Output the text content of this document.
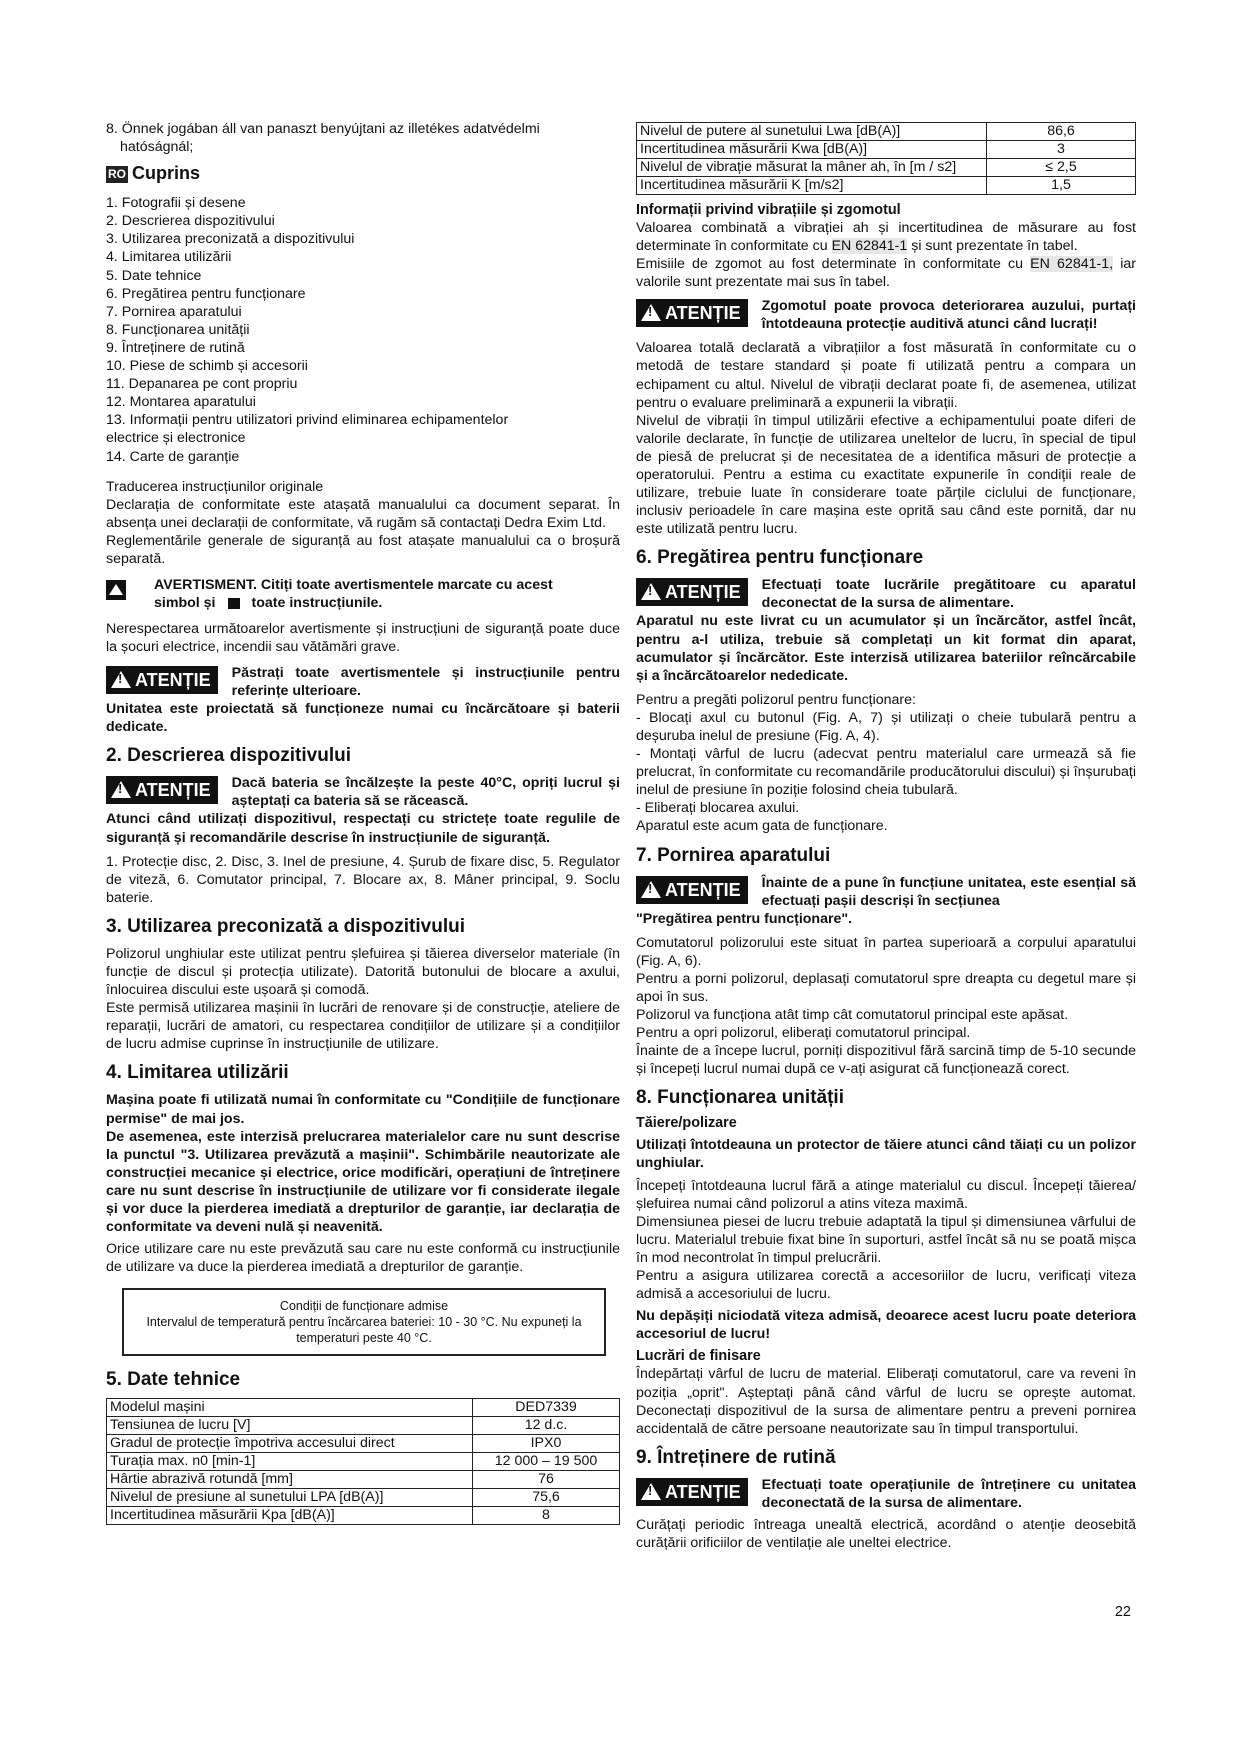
8. Önnek jogában áll van panaszt benyújtani az illetékes adatvédelmi

hatóságnál;

RO Cuprins

1. Fotografii și desene

2. Descrierea dispozitivului

3. Utilizarea preconizată a dispozitivului

4. Limitarea utilizării

5. Date tehnice

6. Pregătirea pentru funcționare

7. Pornirea aparatului

8. Funcționarea unității

9. Întreținere de rutină

10. Piese de schimb și accesorii

11. Depanarea pe cont propriu

12. Montarea aparatului

13. Informații pentru utilizatori privind eliminarea echipamentelor

electrice și electronice

14. Carte de garanție

Traducerea instrucțiunilor originale

Declarația de conformitate este atașată manualului ca document separat. În absența unei declarații de conformitate, vă rugăm să contactați Dedra Exim Ltd.

Reglementările generale de siguranță au fost atașate manualului ca o broșură separată.

AVERTISMENT. Citiți toate avertismentele marcate cu acest
simbol și	toate instrucțiunile.

Nerespectarea următoarelor avertismente și instrucțiuni de siguranță poate duce la șocuri electrice, incendii sau vătămări grave.

!ATENȚIE	Păstrați toate avertismentele și instrucțiunile pentru referințe ulterioare.

Unitatea este proiectată să funcționeze numai cu încărcătoare și baterii dedicate.

2. Descrierea dispozitivului
!ATENȚIE	Dacă bateria se încălzește la peste 40°C, opriți lucrul și așteptați ca bateria să se răcească.

Atunci când utilizați dispozitivul, respectați cu strictețe toate regulile de siguranță și recomandările descrise în instrucțiunile de siguranță.

1. Protecție disc, 2. Disc, 3. Inel de presiune, 4. Șurub de fixare disc, 5. Regulator de viteză, 6. Comutator principal, 7. Blocare ax, 8. Mâner principal, 9. Soclu baterie.

3. Utilizarea preconizată a dispozitivului

Polizorul unghiular este utilizat pentru șlefuirea și tăierea diverselor materiale (în funcție de discul și protecția utilizate). Datorită butonului de blocare a axului, înlocuirea discului este ușoară și comodă.

Este permisă utilizarea mașinii în lucrări de renovare și de construcție, ateliere de reparații, lucrări de amatori, cu respectarea condițiilor de utilizare și a condițiilor de lucru admise cuprinse în instrucțiunile de utilizare.

4. Limitarea utilizării

Mașina poate fi utilizată numai în conformitate cu "Condițiile de funcționare permise" de mai jos.

De asemenea, este interzisă prelucrarea materialelor care nu sunt descrise la punctul "3. Utilizarea prevăzută a mașinii". Schimbările neautorizate ale construcției mecanice și electrice, orice modificări, operațiuni de întreținere care nu sunt descrise în instrucțiunile de utilizare vor fi considerate ilegale și vor duce la pierderea imediată a drepturilor de garanție, iar declarația de conformitate va deveni nulă și neavenită.

Orice utilizare care nu este prevăzută sau care nu este conformă cu instrucțiunile de utilizare va duce la pierderea imediată a drepturilor de garanție.

Condiții de funcționare admise
Intervalul de temperatură pentru încărcarea bateriei: 10 - 30 °C. Nu expuneți la temperaturi peste 40 °C.
5. Date tehnice
Modelul mașini	DED7339
Tensiunea de lucru [V]	12 d.c.
Gradul de protecție împotriva accesului direct	IPX0
Turația max. n0 [min-1]	12 000 – 19 500
Hârtie abrazivă rotundă [mm]	76
Nivelul de presiune al sunetului LPA [dB(A)]	75,6
Incertitudinea măsurării Kpa [dB(A)]	8
Nivelul de putere al sunetului Lwa [dB(A)]	86,6
Incertitudinea măsurării Kwa [dB(A)]	3
Nivelul de vibrație măsurat la mâner ah, în [m / s2]	≤ 2,5
Incertitudinea măsurării K [m/s2]	1,5
Informații privind vibrațiile și zgomotul

Valoarea combinată a vibrației ah și incertitudinea de măsurare au fost determinate în conformitate cu EN 62841-1 și sunt prezentate în tabel.

Emisiile de zgomot au fost determinate în conformitate cu EN 62841-1, iar valorile sunt prezentate mai sus în tabel.

!ATENȚIE	Zgomotul poate provoca deteriorarea auzului, purtați întotdeauna protecție auditivă atunci când lucrați!

Valoarea totală declarată a vibrațiilor a fost măsurată în conformitate cu o metodă de testare standard și poate fi utilizată pentru a compara un echipament cu altul. Nivelul de vibrații declarat poate fi, de asemenea, utilizat pentru o evaluare preliminară a expunerii la vibrații.

Nivelul de vibrații în timpul utilizării efective a echipamentului poate diferi de valorile declarate, în funcție de utilizarea uneltelor de lucru, în special de tipul de piesă de prelucrat și de necesitatea de a identifica măsuri de protecție a operatorului. Pentru a estima cu exactitate expunerile în condiții reale de utilizare, trebuie luate în considerare toate părțile ciclului de funcționare, inclusiv perioadele în care mașina este oprită sau când este pornită, dar nu este utilizată pentru lucru.

6. Pregătirea pentru funcționare
!ATENȚIE	Efectuați toate lucrările pregătitoare cu aparatul deconectat de la sursa de alimentare.

Aparatul nu este livrat cu un acumulator și un încărcător, astfel încât, pentru a-l utiliza, trebuie să completați un kit format din aparat, acumulator și încărcător. Este interzisă utilizarea bateriilor reîncărcabile și a încărcătoarelor nededicate.

Pentru a pregăti polizorul pentru funcționare:

- Blocați axul cu butonul (Fig. A, 7) și utilizați o cheie tubulară pentru a deșuruba inelul de presiune (Fig. A, 4).

- Montați vârful de lucru (adecvat pentru materialul care urmează să fie prelucrat, în conformitate cu recomandările producătorului discului) și înșurubați inelul de presiune în poziție folosind cheia tubulară.

- Eliberați blocarea axului.

Aparatul este acum gata de funcționare.

7. Pornirea aparatului
!ATENȚIE	Înainte de a pune în funcțiune unitatea, este esențial să efectuați pașii descriși în secțiunea

"Pregătirea pentru funcționare".

Comutatorul polizorului este situat în partea superioară a corpului aparatului (Fig. A, 6).

Pentru a porni polizorul, deplasați comutatorul spre dreapta cu degetul mare și apoi în sus.

Polizorul va funcționa atât timp cât comutatorul principal este apăsat.

Pentru a opri polizorul, eliberați comutatorul principal.

Înainte de a începe lucrul, porniți dispozitivul fără sarcină timp de 5-10 secunde și începeți lucrul numai după ce v-ați asigurat că funcționează corect.

8. Funcționarea unității
Tăiere/polizare

Utilizați întotdeauna un protector de tăiere atunci când tăiați cu un polizor unghiular.

Începeți întotdeauna lucrul fără a atinge materialul cu discul. Începeți tăierea/șlefuirea numai când polizorul a atins viteza maximă.

Dimensiunea piesei de lucru trebuie adaptată la tipul și dimensiunea vârfului de lucru. Materialul trebuie fixat bine în suporturi, astfel încât să nu se poată mișca în mod necontrolat în timpul prelucrării.

Pentru a asigura utilizarea corectă a accesoriilor de lucru, verificați viteza admisă a accesoriului de lucru.

Nu depășiți niciodată viteza admisă, deoarece acest lucru poate deteriora accesoriul de lucru!

Lucrări de finisare

Îndepărtați vârful de lucru de material. Eliberați comutatorul, care va reveni în poziția „oprit". Așteptați până când vârful de lucru se oprește automat. Deconectați dispozitivul de la sursa de alimentare pentru a preveni pornirea accidentală de către persoane neautorizate sau în timpul transportului.

9. Întreținere de rutină
!ATENȚIE	Efectuați toate operațiunile de întreținere cu unitatea deconectată de la sursa de alimentare.

Curățați periodic întreaga unealtă electrică, acordând o atenție deosebită curățării orificiilor de ventilație ale uneltei electrice.

22
